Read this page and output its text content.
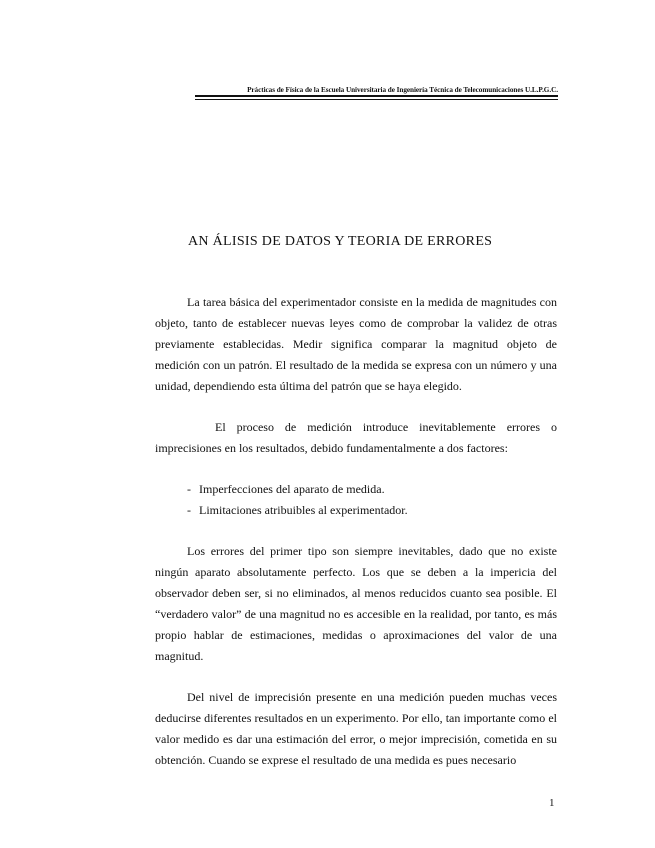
Prácticas de Física de la Escuela Universitaria de Ingeniería Técnica de Telecomunicaciones U.L.P.G.C.
AN ÁLISIS DE DATOS Y TEORIA DE ERRORES

La tarea básica del experimentador consiste en la medida de magnitudes con objeto, tanto de establecer nuevas leyes como de comprobar la validez de otras previamente establecidas. Medir significa comparar la magnitud objeto de medición con un patrón. El resultado de la medida se expresa con un número y una unidad, dependiendo esta última del patrón que se haya elegido.

El proceso de medición introduce inevitablemente errores o imprecisiones en los resultados, debido fundamentalmente a dos factores:

- Imperfecciones del aparato de medida.
- Limitaciones atribuibles al experimentador.

Los errores del primer tipo son siempre inevitables, dado que no existe ningún aparato absolutamente perfecto. Los que se deben a la impericia del observador deben ser, si no eliminados, al menos reducidos cuanto sea posible. El “verdadero valor” de una magnitud no es accesible en la realidad, por tanto, es más propio hablar de estimaciones, medidas o aproximaciones del valor de una magnitud.

Del nivel de imprecisión presente en una medición pueden muchas veces deducirse diferentes resultados en un experimento. Por ello, tan importante como el valor medido es dar una estimación del error, o mejor imprecisión, cometida en su obtención. Cuando se exprese el resultado de una medida es pues necesario

1
